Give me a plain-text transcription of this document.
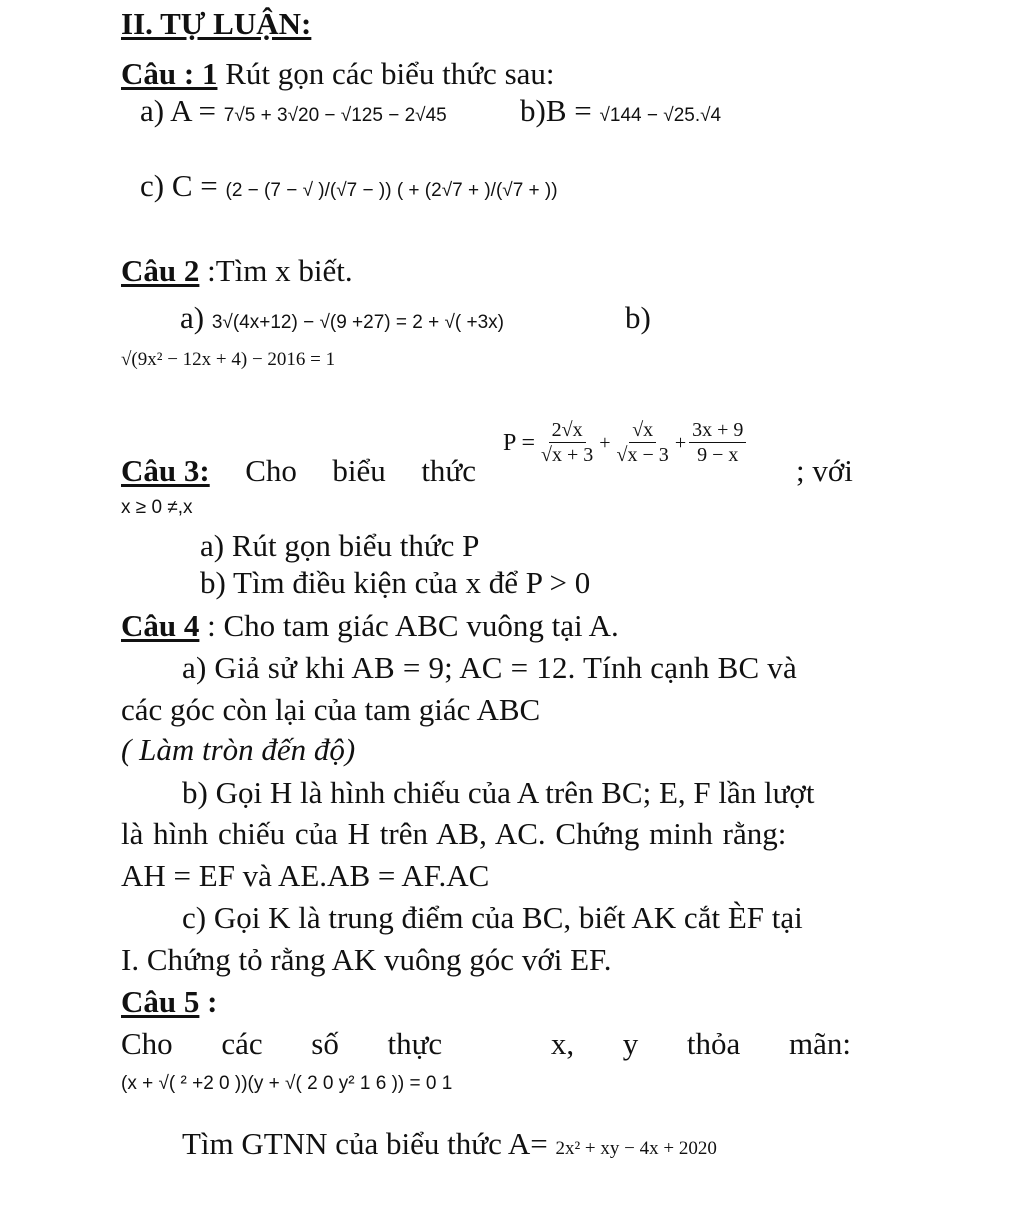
II. TỰ LUẬN:
Câu : 1 Rút gọn các biểu thức sau:
a) A = 7√5 + 3√20 − √125 − 2√45 b)B = √144 − √25.√4
c) C = (2 − (7 − √ )/(√7 − )) ( + (2√7 + )/(√7 + ))
Câu 2 :Tìm x biết.
a) 3√(4x+12) − √(9 +27) = 2 + √( +3x)	b)
√(9x² − 12x + 4) − 2016 = 1
Câu 3: Cho biểu thức
$P = \frac{2√x}{√x + 3} + \frac{√x}{√x - 3} + \frac{3x + 9}{9 - x}$
; với
x ≥ 0 ≠,x
a) Rút gọn biểu thức P
b) Tìm điều kiện của x để P > 0
Câu 4 : Cho tam giác ABC vuông tại A.
a) Giả sử khi AB = 9; AC = 12. Tính cạnh BC và
các góc còn lại của tam giác ABC
( Làm tròn đến độ)
b) Gọi H là hình chiếu của A trên BC; E, F lần lượt
là hình chiếu của H trên AB, AC. Chứng minh rằng:
AH = EF và AE.AB = AF.AC
c) Gọi K là trung điểm của BC, biết AK cắt ÈF tại
I. Chứng tỏ rằng AK vuông góc với EF.
Câu 5 :
Cho các số thực	x, y thỏa mãn:
(x + √( ² +2 0 ))(y + √( 2 0 y² 1 6 )) = 0 1
Tìm GTNN của biểu thức A= 2x² + xy − 4x + 2020
